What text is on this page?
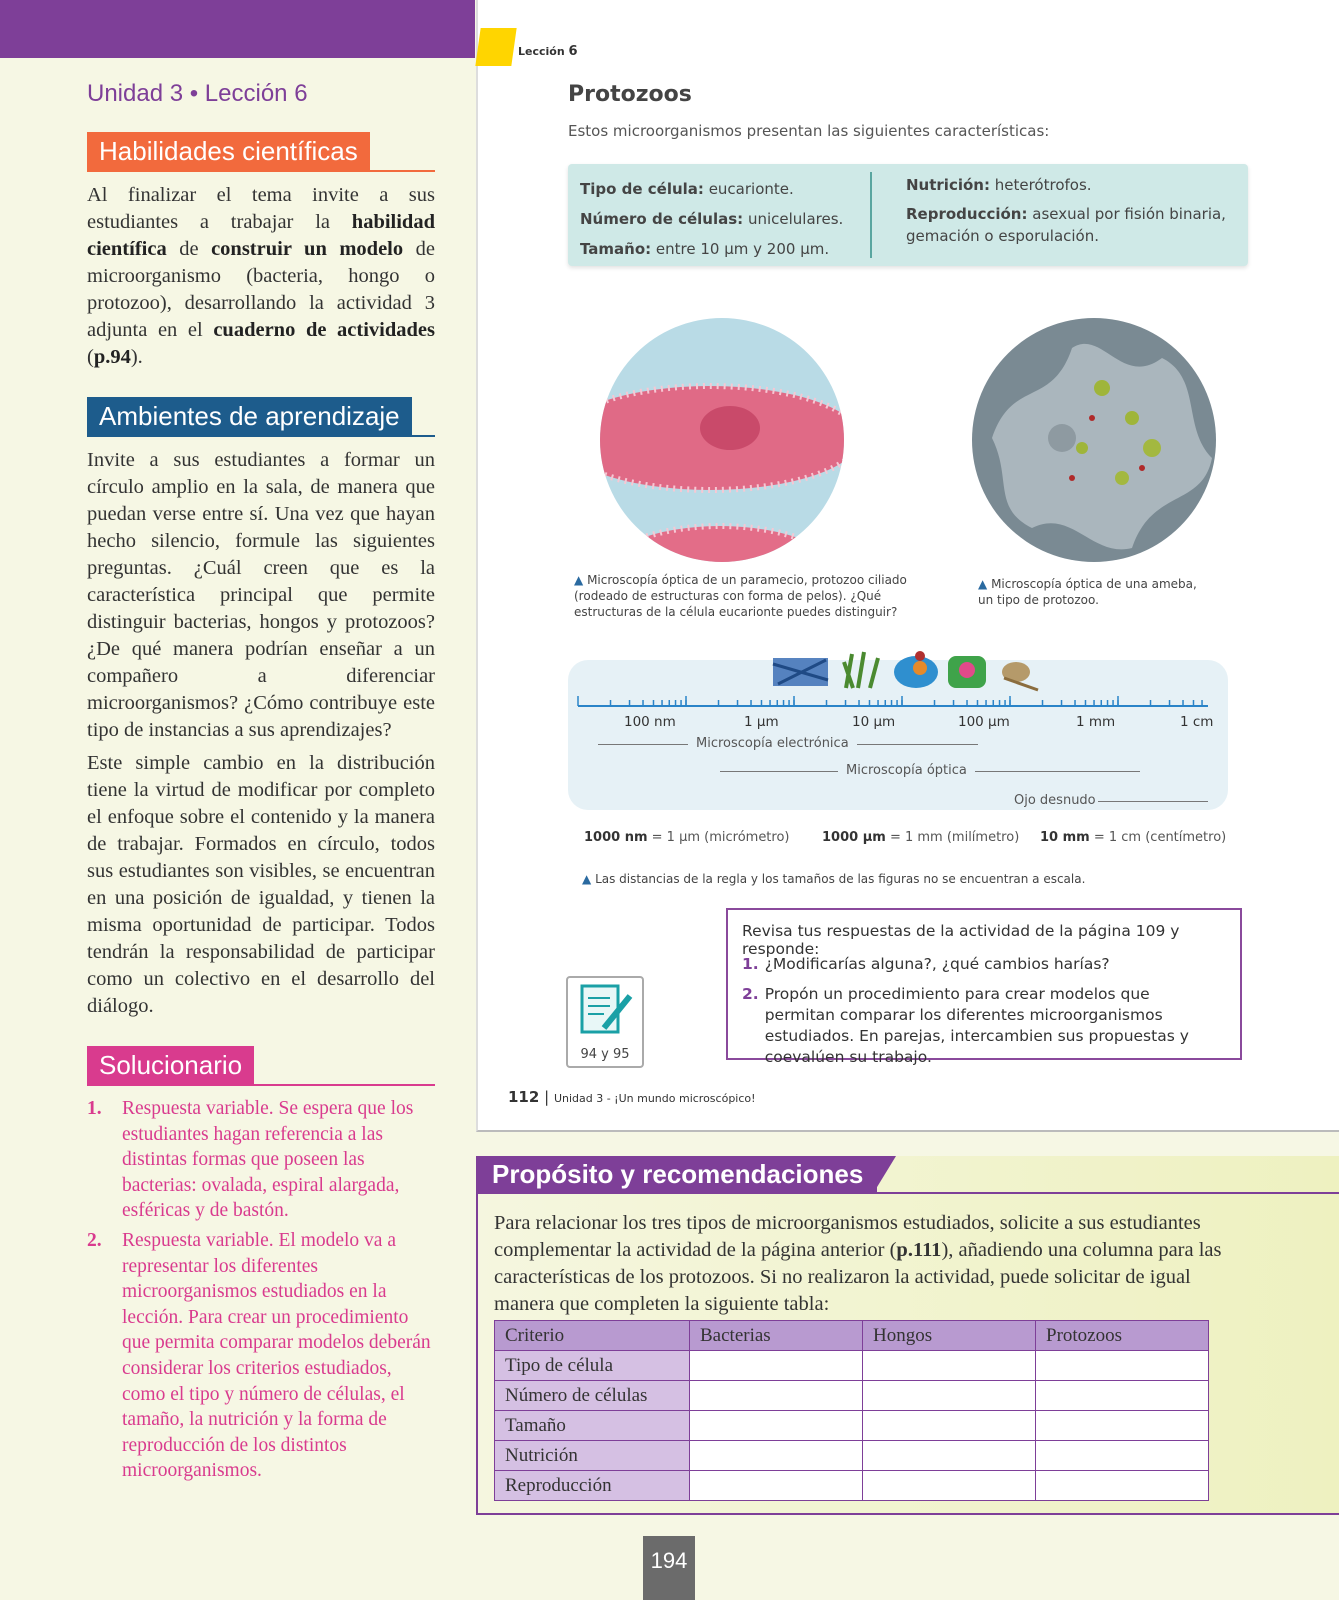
Unidad 3 • Lección 6
Habilidades científicas

Al finalizar el tema invite a sus estudiantes a trabajar la habilidad científica de construir un modelo de microorganismo (bacteria, hongo o protozoo), desarrollando la actividad 3 adjunta en el cuaderno de actividades (p.94).

Ambientes de aprendizaje

Invite a sus estudiantes a formar un círculo amplio en la sala, de manera que puedan verse entre sí. Una vez que hayan hecho silencio, formule las siguientes preguntas. ¿Cuál creen que es la característica principal que permite distinguir bacterias, hongos y protozoos? ¿De qué manera podrían enseñar a un compañero a diferenciar microorganismos? ¿Cómo contribuye este tipo de instancias a sus aprendizajes?

Este simple cambio en la distribución tiene la virtud de modificar por completo el enfoque sobre el contenido y la manera de trabajar. Formados en círculo, todos sus estudiantes son visibles, se encuentran en una posición de igualdad, y tienen la misma oportunidad de participar. Todos tendrán la responsabilidad de participar como un colectivo en el desarrollo del diálogo.

Solucionario
1. Respuesta variable. Se espera que los estudiantes hagan referencia a las distintas formas que poseen las bacterias: ovalada, espiral alargada, esféricas y de bastón.
2. Respuesta variable. El modelo va a representar los diferentes microorganismos estudiados en la lección. Para crear un procedimiento que permita comparar modelos deberán considerar los criterios estudiados, como el tipo y número de células, el tamaño, la nutrición y la forma de reproducción de los distintos microorganismos.
Lección 6
Protozoos
Estos microorganismos presentan las siguientes características:
Tipo de célula: eucarionte.
Número de células: unicelulares.
Tamaño: entre 10 µm y 200 µm.
Nutrición: heterótrofos.
Reproducción: asexual por fisión binaria, gemación o esporulación.
▲ Microscopía óptica de un paramecio, protozoo ciliado (rodeado de estructuras con forma de pelos). ¿Qué estructuras de la célula eucarionte puedes distinguir?
▲ Microscopía óptica de una ameba, un tipo de protozoo.
100 nm	1 µm	10 µm	100 µm	1 mm	1 cm
Microscopía electrónica
Microscopía óptica
Ojo desnudo
1000 nm = 1 µm (micrómetro)	1000 µm = 1 mm (milímetro) 10 mm = 1 cm (centímetro)
▲ Las distancias de la regla y los tamaños de las figuras no se encuentran a escala.
94 y 95
Revisa tus respuestas de la actividad de la página 109 y responde:
1. ¿Modificarías alguna?, ¿qué cambios harías?
2. Propón un procedimiento para crear modelos que permitan comparar los diferentes microorganismos estudiados. En parejas, intercambien sus propuestas y coevalúen su trabajo.
112 | Unidad 3 - ¡Un mundo microscópico!
Propósito y recomendaciones

Para relacionar los tres tipos de microorganismos estudiados, solicite a sus estudiantes complementar la actividad de la página anterior (p.111), añadiendo una columna para las características de los protozoos. Si no realizaron la actividad, puede solicitar de igual manera que completen la siguiente tabla:

Criterio	Bacterias	Hongos	Protozoos
Tipo de célula			
Número de células			
Tamaño			
Nutrición			
Reproducción			
194
